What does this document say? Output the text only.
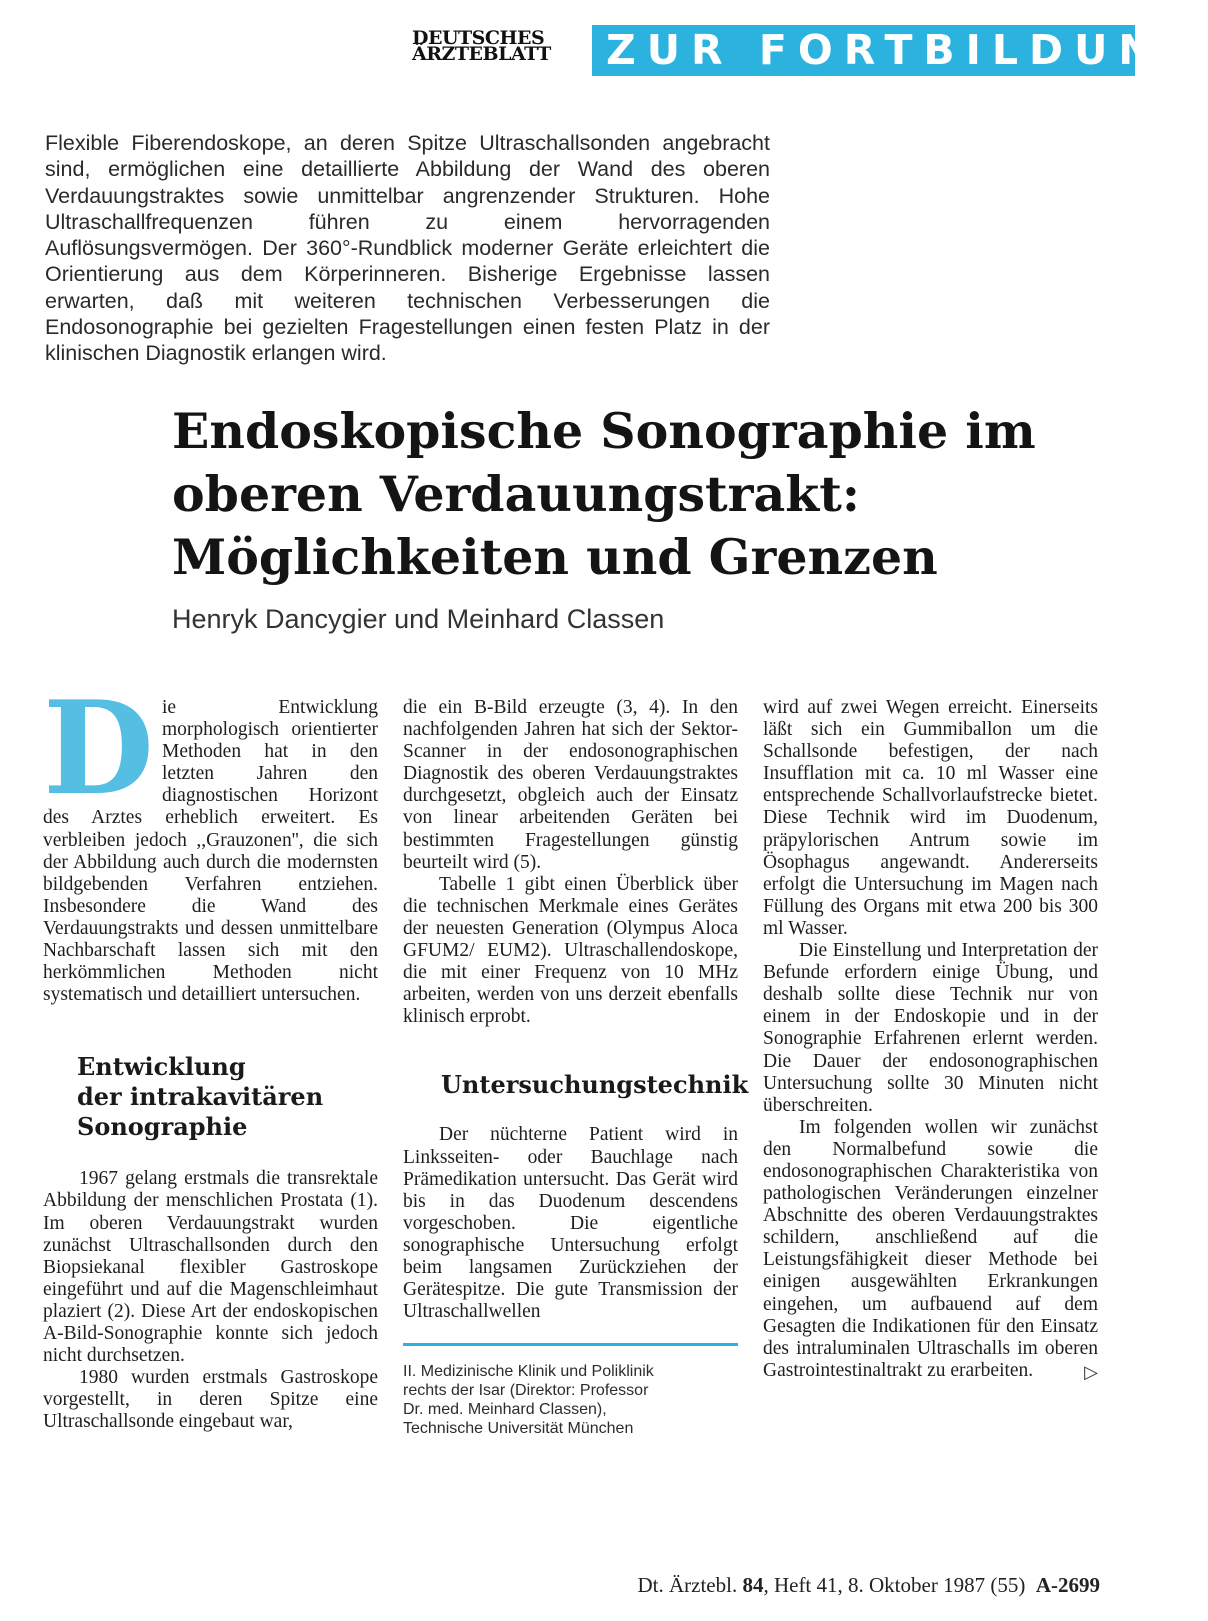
DEUTSCHES
ÄRZTEBLATT	ZUR FORTBILDUNG

Flexible Fiberendoskope, an deren Spitze Ultraschallsonden angebracht sind, ermöglichen eine detaillierte Abbildung der Wand des oberen Verdauungstraktes sowie unmittelbar angrenzender Strukturen. Hohe Ultraschallfrequenzen führen zu einem hervorragenden Auflösungsvermögen. Der 360°-Rundblick moderner Geräte erleichtert die Orientierung aus dem Körperinneren. Bisherige Ergebnisse lassen erwarten, daß mit weiteren technischen Verbesserungen die Endosonographie bei gezielten Fragestellungen einen festen Platz in der klinischen Diagnostik erlangen wird.

Endoskopische Sonographie im
oberen Verdauungstrakt:
Möglichkeiten und Grenzen
Henryk Dancygier und Meinhard Classen

Die Entwicklung morphologisch orientierter Methoden hat in den letzten Jahren den diagnostischen Horizont des Arztes erheblich erweitert. Es verbleiben jedoch ,,Grauzonen'', die sich der Abbildung auch durch die modernsten bildgebenden Verfahren entziehen. Insbesondere die Wand des Verdauungstrakts und dessen unmittelbare Nachbarschaft lassen sich mit den herkömmlichen Methoden nicht systematisch und detailliert untersuchen.

Entwicklung
der intrakavitären
Sonographie

1967 gelang erstmals die transrektale Abbildung der menschlichen Prostata (1). Im oberen Verdauungstrakt wurden zunächst Ultraschallsonden durch den Biopsiekanal flexibler Gastroskope eingeführt und auf die Magenschleimhaut plaziert (2). Diese Art der endoskopischen A-Bild-Sonographie konnte sich jedoch nicht durchsetzen.

1980 wurden erstmals Gastroskope vorgestellt, in deren Spitze eine Ultraschallsonde eingebaut war,

die ein B-Bild erzeugte (3, 4). In den nachfolgenden Jahren hat sich der Sektor-Scanner in der endosonographischen Diagnostik des oberen Verdauungstraktes durchgesetzt, obgleich auch der Einsatz von linear arbeitenden Geräten bei bestimmten Fragestellungen günstig beurteilt wird (5).

Tabelle 1 gibt einen Überblick über die technischen Merkmale eines Gerätes der neuesten Generation (Olympus Aloca GFUM2/ EUM2). Ultraschallendoskope, die mit einer Frequenz von 10 MHz arbeiten, werden von uns derzeit ebenfalls klinisch erprobt.

Untersuchungstechnik

Der nüchterne Patient wird in Linksseiten- oder Bauchlage nach Prämedikation untersucht. Das Gerät wird bis in das Duodenum descendens vorgeschoben. Die eigentliche sonographische Untersuchung erfolgt beim langsamen Zurückziehen der Gerätespitze. Die gute Transmission der Ultraschallwellen

II. Medizinische Klinik und Poliklinik
rechts der Isar (Direktor: Professor
Dr. med. Meinhard Classen),
Technische Universität München

wird auf zwei Wegen erreicht. Einerseits läßt sich ein Gummiballon um die Schallsonde befestigen, der nach Insufflation mit ca. 10 ml Wasser eine entsprechende Schallvorlaufstrecke bietet. Diese Technik wird im Duodenum, präpylorischen Antrum sowie im Ösophagus angewandt. Andererseits erfolgt die Untersuchung im Magen nach Füllung des Organs mit etwa 200 bis 300 ml Wasser.

Die Einstellung und Interpretation der Befunde erfordern einige Übung, und deshalb sollte diese Technik nur von einem in der Endoskopie und in der Sonographie Erfahrenen erlernt werden. Die Dauer der endosonographischen Untersuchung sollte 30 Minuten nicht überschreiten.

Im folgenden wollen wir zunächst den Normalbefund sowie die endosonographischen Charakteristika von pathologischen Veränderungen einzelner Abschnitte des oberen Verdauungstraktes schildern, anschließend auf die Leistungsfähigkeit dieser Methode bei einigen ausgewählten Erkrankungen eingehen, um aufbauend auf dem Gesagten die Indikationen für den Einsatz des intraluminalen Ultraschalls im oberen Gastrointestinaltrakt zu erarbeiten.	▷
Dt. Ärztebl. 84, Heft 41, 8. Oktober 1987 (55) A-2699
